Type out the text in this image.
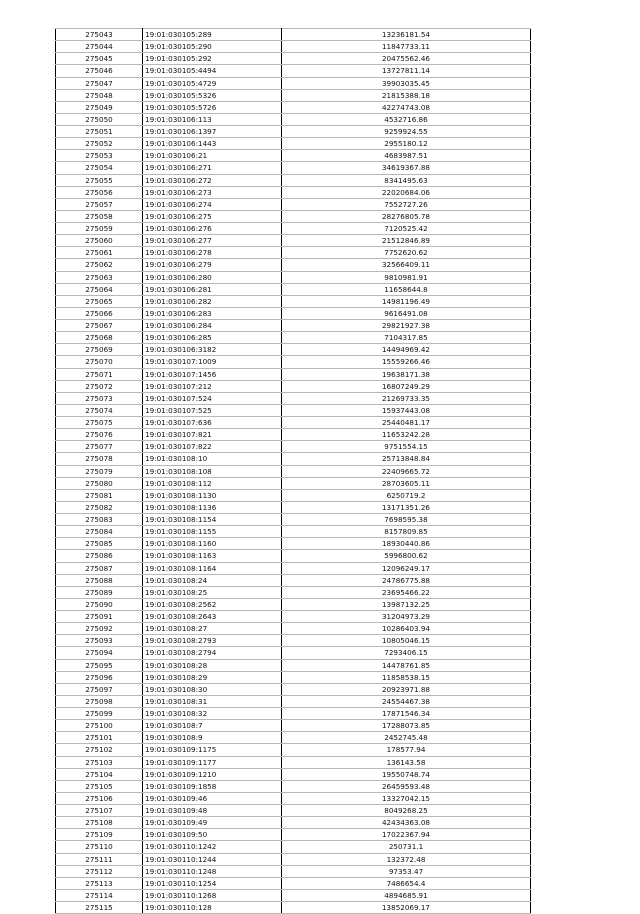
275043	19:01:030105:289	13236181.54
275044	19:01:030105:290	11847733.11
275045	19:01:030105:292	20475562.46
275046	19:01:030105:4494	13727811.14
275047	19:01:030105:4729	39903035.45
275048	19:01:030105:5326	21815388.18
275049	19:01:030105:5726	42274743.08
275050	19:01:030106:113	4532716.86
275051	19:01:030106:1397	9259924.55
275052	19:01:030106:1443	2955180.12
275053	19:01:030106:21	4683987.51
275054	19:01:030106:271	34619367.88
275055	19:01:030106:272	8341495.63
275056	19:01:030106:273	22020684.06
275057	19:01:030106:274	7552727.26
275058	19:01:030106:275	28276805.78
275059	19:01:030106:276	7120525.42
275060	19:01:030106:277	21512846.89
275061	19:01:030106:278	7752620.62
275062	19:01:030106:279	32566409.11
275063	19:01:030106:280	9810981.91
275064	19:01:030106:281	11658644.8
275065	19:01:030106:282	14981196.49
275066	19:01:030106:283	9616491.08
275067	19:01:030106:284	29821927.38
275068	19:01:030106:285	7104317.85
275069	19:01:030106:3182	14494969.42
275070	19:01:030107:1009	15559266.46
275071	19:01:030107:1456	19638171.38
275072	19:01:030107:212	16807249.29
275073	19:01:030107:524	21269733.35
275074	19:01:030107:525	15937443.08
275075	19:01:030107:636	25440481.17
275076	19:01:030107:821	11653242.28
275077	19:01:030107:822	9751554.15
275078	19:01:030108:10	25713848.84
275079	19:01:030108:108	22409665.72
275080	19:01:030108:112	28703605.11
275081	19:01:030108:1130	6250719.2
275082	19:01:030108:1136	13171351.26
275083	19:01:030108:1154	7698595.38
275084	19:01:030108:1155	8157809.85
275085	19:01:030108:1160	18930440.86
275086	19:01:030108:1163	5996800.62
275087	19:01:030108:1164	12096249.17
275088	19:01:030108:24	24786775.88
275089	19:01:030108:25	23695466.22
275090	19:01:030108:2562	13987132.25
275091	19:01:030108:2643	31204973.29
275092	19:01:030108:27	10286403.94
275093	19:01:030108:2793	10805046.15
275094	19:01:030108:2794	7293406.15
275095	19:01:030108:28	14478761.85
275096	19:01:030108:29	11858538.15
275097	19:01:030108:30	20923971.88
275098	19:01:030108:31	24554467.38
275099	19:01:030108:32	17871546.34
275100	19:01:030108:7	17288073.85
275101	19:01:030108:9	2452745.48
275102	19:01:030109:1175	178577.94
275103	19:01:030109:1177	136143.58
275104	19:01:030109:1210	19550748.74
275105	19:01:030109:1858	26459593.48
275106	19:01:030109:46	13327042.15
275107	19:01:030109:48	8049268.25
275108	19:01:030109:49	42434363.08
275109	19:01:030109:50	17022367.94
275110	19:01:030110:1242	250731.1
275111	19:01:030110:1244	132372.48
275112	19:01:030110:1248	97353.47
275113	19:01:030110:1254	7486654.4
275114	19:01:030110:1268	4894685.91
275115	19:01:030110:128	13852069.17
